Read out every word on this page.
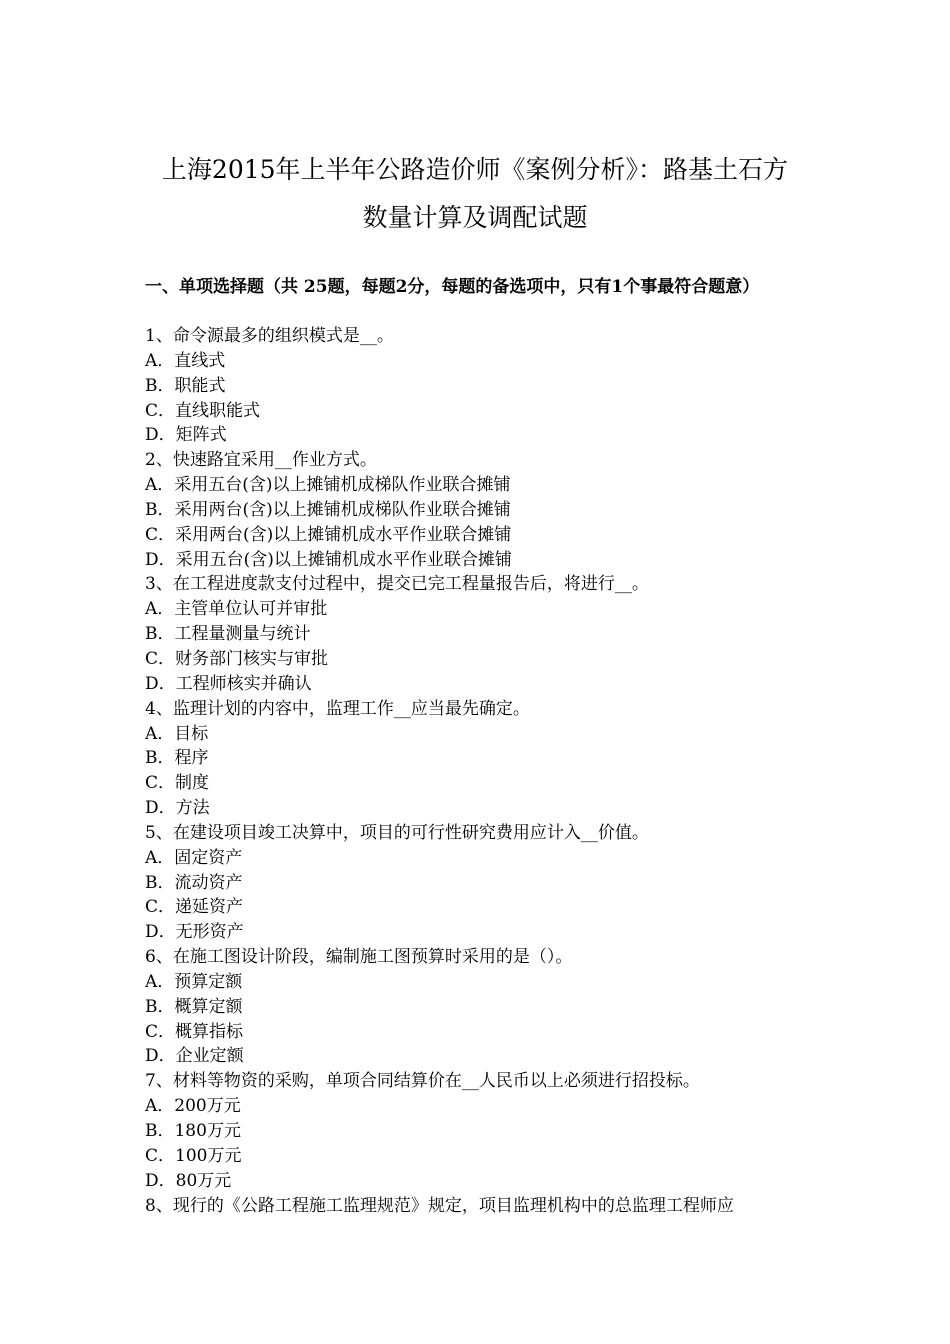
上海2015年上半年公路造价师《案例分析》：路基土石方
数量计算及调配试题
一、单项选择题（共 25题，每题2分，每题的备选项中，只有1个事最符合题意）
1、命令源最多的组织模式是__。
A．直线式
B．职能式
C．直线职能式
D．矩阵式
2、快速路宜采用__作业方式。
A．采用五台(含)以上摊铺机成梯队作业联合摊铺
B．采用两台(含)以上摊铺机成梯队作业联合摊铺
C．采用两台(含)以上摊铺机成水平作业联合摊铺
D．采用五台(含)以上摊铺机成水平作业联合摊铺
3、在工程进度款支付过程中，提交已完工程量报告后，将进行__。
A．主管单位认可并审批
B．工程量测量与统计
C．财务部门核实与审批
D．工程师核实并确认
4、监理计划的内容中，监理工作__应当最先确定。
A．目标
B．程序
C．制度
D．方法
5、在建设项目竣工决算中，项目的可行性研究费用应计入__价值。
A．固定资产
B．流动资产
C．递延资产
D．无形资产
6、在施工图设计阶段，编制施工图预算时采用的是（）。
A．预算定额
B．概算定额
C．概算指标
D．企业定额
7、材料等物资的采购，单项合同结算价在__人民币以上必须进行招投标。
A．200万元
B．180万元
C．100万元
D．80万元
8、现行的《公路工程施工监理规范》规定，项目监理机构中的总监理工程师应
